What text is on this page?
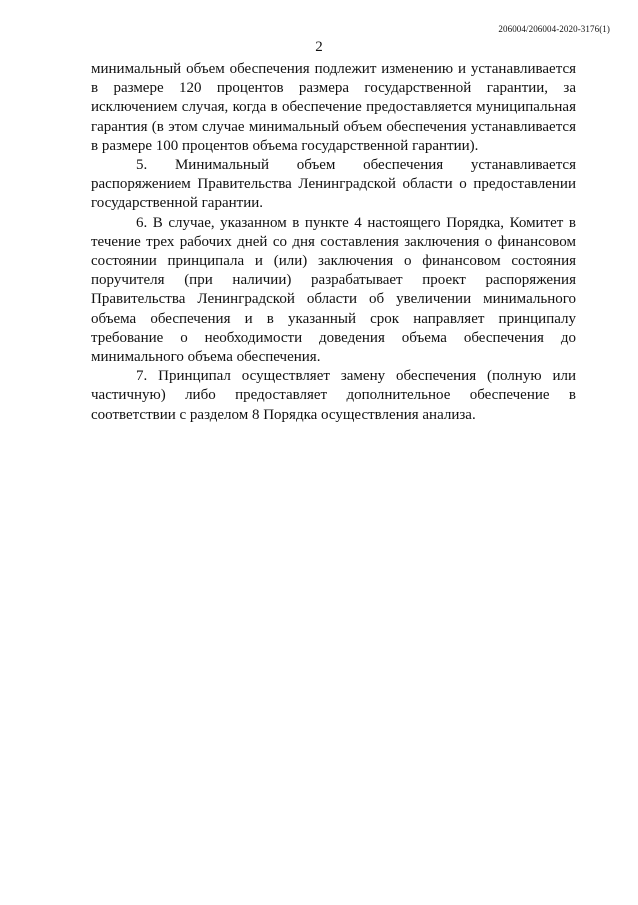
206004/206004-2020-3176(1)
2

минимальный объем обеспечения подлежит изменению и устанавливается в размере 120 процентов размера государственной гарантии, за исключением случая, когда в обеспечение предоставляется муниципальная гарантия (в этом случае минимальный объем обеспечения устанавливается в размере 100 процентов объема государственной гарантии).

5. Минимальный объем обеспечения устанавливается распоряжением Правительства Ленинградской области о предоставлении государственной гарантии.

6. В случае, указанном в пункте 4 настоящего Порядка, Комитет в течение трех рабочих дней со дня составления заключения о финансовом состоянии принципала и (или) заключения о финансовом состояния поручителя (при наличии) разрабатывает проект распоряжения Правительства Ленинградской области об увеличении минимального объема обеспечения и в указанный срок направляет принципалу требование о необходимости доведения объема обеспечения до минимального объема обеспечения.

7. Принципал осуществляет замену обеспечения (полную или частичную) либо предоставляет дополнительное обеспечение в соответствии с разделом 8 Порядка осуществления анализа.
